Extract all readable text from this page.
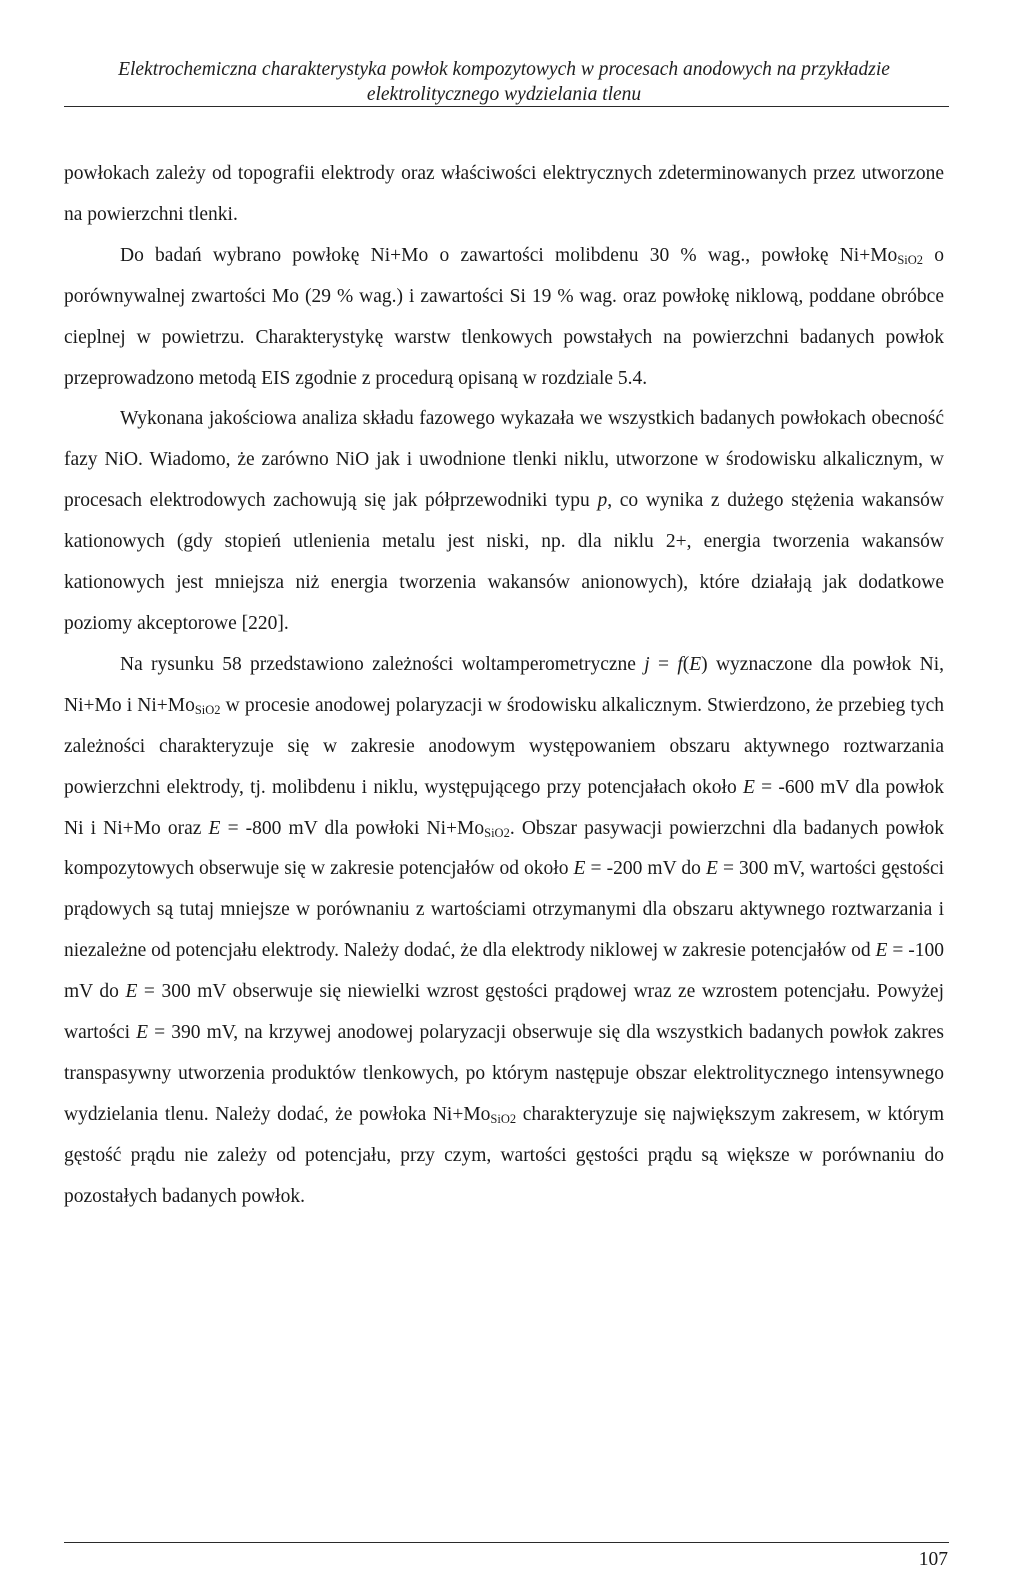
Elektrochemiczna charakterystyka powłok kompozytowych w procesach anodowych na przykładzie
elektrolitycznego wydzielania tlenu

powłokach zależy od topografii elektrody oraz właściwości elektrycznych zdeterminowanych przez utworzone na powierzchni tlenki.

Do badań wybrano powłokę Ni+Mo o zawartości molibdenu 30 % wag., powłokę $Ni+Mo_{SiO2}$ o porównywalnej zwartości Mo (29 % wag.) i zawartości Si 19 % wag. oraz powłokę niklową, poddane obróbce cieplnej w powietrzu. Charakterystykę warstw tlenkowych powstałych na powierzchni badanych powłok przeprowadzono metodą EIS zgodnie z procedurą opisaną w rozdziale 5.4.

Wykonana jakościowa analiza składu fazowego wykazała we wszystkich badanych powłokach obecność fazy NiO. Wiadomo, że zarówno NiO jak i uwodnione tlenki niklu, utworzone w środowisku alkalicznym, w procesach elektrodowych zachowują się jak półprzewodniki typu p, co wynika z dużego stężenia wakansów kationowych (gdy stopień utlenienia metalu jest niski, np. dla niklu 2+, energia tworzenia wakansów kationowych jest mniejsza niż energia tworzenia wakansów anionowych), które działają jak dodatkowe poziomy akceptorowe [220].

Na rysunku 58 przedstawiono zależności woltamperometryczne j = f(E) wyznaczone dla powłok Ni, Ni+Mo i $Ni+Mo_{SiO2}$ w procesie anodowej polaryzacji w środowisku alkalicznym. Stwierdzono, że przebieg tych zależności charakteryzuje się w zakresie anodowym występowaniem obszaru aktywnego roztwarzania powierzchni elektrody, tj. molibdenu i niklu, występującego przy potencjałach około E = -600 mV dla powłok Ni i Ni+Mo oraz E = -800 mV dla powłoki $Ni+Mo_{SiO2}$. Obszar pasywacji powierzchni dla badanych powłok kompozytowych obserwuje się w zakresie potencjałów od około E = -200 mV do E = 300 mV, wartości gęstości prądowych są tutaj mniejsze w porównaniu z wartościami otrzymanymi dla obszaru aktywnego roztwarzania i niezależne od potencjału elektrody. Należy dodać, że dla elektrody niklowej w zakresie potencjałów od E = -100 mV do E = 300 mV obserwuje się niewielki wzrost gęstości prądowej wraz ze wzrostem potencjału. Powyżej wartości E = 390 mV, na krzywej anodowej polaryzacji obserwuje się dla wszystkich badanych powłok zakres transpasywny utworzenia produktów tlenkowych, po którym następuje obszar elektrolitycznego intensywnego wydzielania tlenu. Należy dodać, że powłoka $Ni+Mo_{SiO2}$ charakteryzuje się największym zakresem, w którym gęstość prądu nie zależy od potencjału, przy czym, wartości gęstości prądu są większe w porównaniu do pozostałych badanych powłok.

107
